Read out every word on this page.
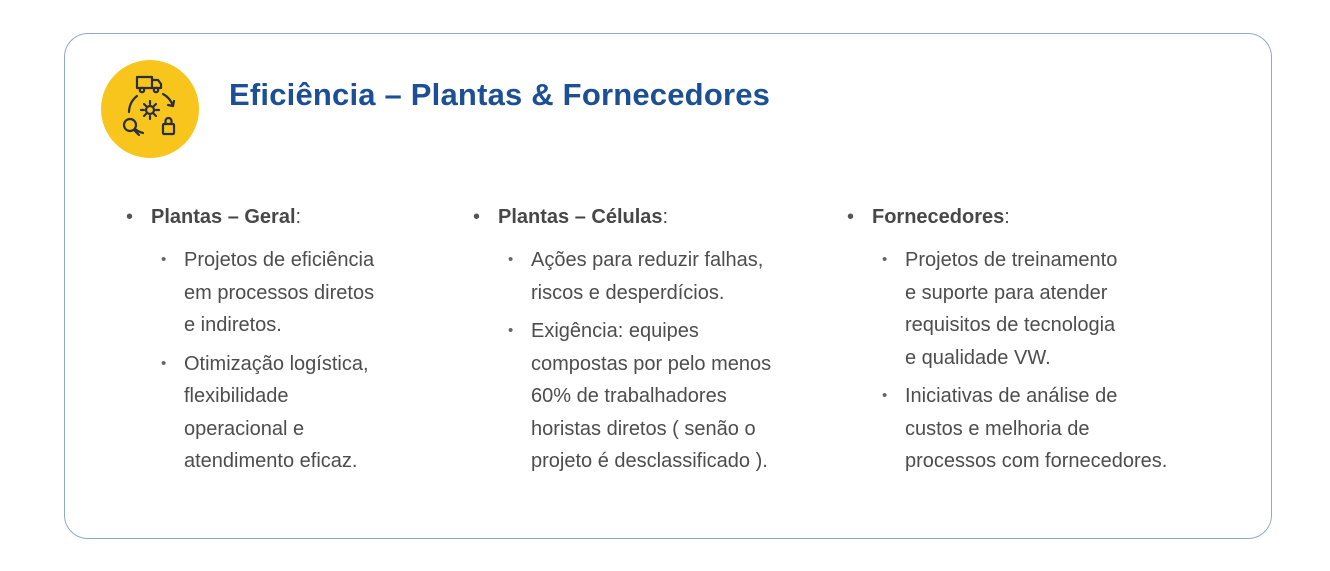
Eficiência – Plantas & Fornecedores
• Plantas – Geral:
• Projetos de eficiência
em processos diretos
e indiretos.
• Otimização logística,
flexibilidade
operacional e
atendimento eficaz.
• Plantas – Células:
• Ações para reduzir falhas,
riscos e desperdícios.
• Exigência: equipes
compostas por pelo menos
60% de trabalhadores
horistas diretos ( senão o
projeto é desclassificado ).
• Fornecedores:
• Projetos de treinamento
e suporte para atender
requisitos de tecnologia
e qualidade VW.
• Iniciativas de análise de
custos e melhoria de
processos com fornecedores.
